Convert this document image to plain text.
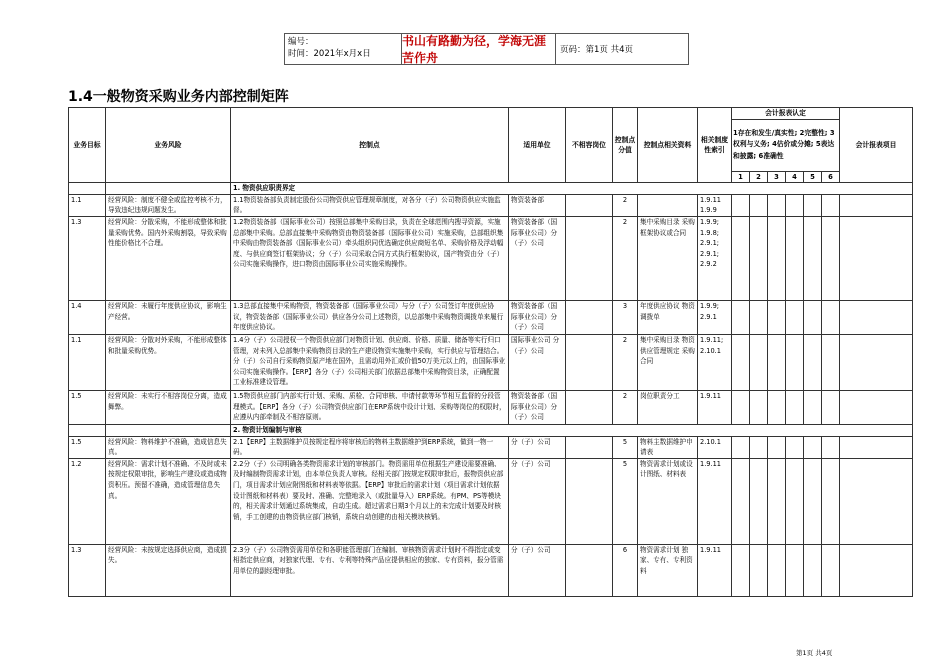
编号：
时间：2021年x月x日
书山有路勤为径，学海无涯苦作舟
页码：第1页 共4页
1.4一般物资采购业务内部控制矩阵
业务目标	业务风险	控制点	适用单位	不相容岗位	控制点分值	控制点相关资料	相关制度性索引	会计报表认定						会计报表项目
								1存在和发生/真实性; 2完整性; 3权利与义务; 4估价或分摊; 5表达和披露; 6准确性						
								1	2	3	4	5	6	
		1. 物资供应职责界定												
1.1	经营风险：制度不健全或监控考核不力，导致违纪违规问题发生。	1.1物资装备部负责制定股份公司物资供应管理规章制度，对各分（子）公司物资供应实施监督。	物资装备部		2		1.9.11 1.9.9							
1.3	经营风险：分散采购，不能形成整体和批量采购优势。国内外采购割裂，导致采购性能价格比不合理。	1.2物资装备部（国际事业公司）按照总部集中采购目录，负责在全球范围内搜寻资源，实施总部集中采购。总部直接集中采购物资由物资装备部（国际事业公司）实施采购，总部组织集中采购由物资装备部（国际事业公司）牵头组织同优选确定供应商短名单、采购价格及浮动幅度、与供应商签订框架协议；分（子）公司采取合同方式执行框架协议，国产物资由分（子）公司实施采购操作，进口物资由国际事业公司实施采购操作。	物资装备部（国际事业公司）分（子）公司		2	集中采购目录 采购框架协议或合同	1.9.9; 1.9.8; 2.9.1; 2.9.1; 2.9.2							
1.4	经营风险：未履行年度供应协议，影响生产经营。	1.3总部直接集中采购物资，物资装备部（国际事业公司）与分（子）公司签订年度供应协议，物资装备部（国际事业公司）供应各分公司上述物资，以总部集中采购物资调拨单来履行年度供应协议。	物资装备部（国际事业公司）分（子）公司		3	年度供应协议 物资调拨单	1.9.9; 2.9.1							
1.1	经营风险：分散对外采购，不能形成整体和批量采购优势。	1.4分（子）公司授权一个物资供应部门对物资计划、供应商、价格、质量、储备等实行归口管理，对未列入总部集中采购物资目录的生产建设物资实施集中采购，实行供应与管理结合。分（子）公司自行采购物资原产地在国外，且需动用外汇或价值50万美元以上的，由国际事业公司实施采购操作。【ERP】各分（子）公司相关部门依据总部集中采购物资目录，正确配置工业标准建设管理。	国际事业公司 分（子）公司		2	集中采购目录 物资供应管理规定 采购合同	1.9.11; 2.10.1							
1.5	经营风险：未实行不相容岗位分离，造成舞弊。	1.5物资供应部门内部实行计划、采购、质检、合同审核、申请付款等环节相互监督的分段管理模式。【ERP】各分（子）公司物资供应部门在ERP系统中设计计划、采购等岗位的权限时，应遵从内部牵制及不相容原则。	物资装备部（国际事业公司）分（子）公司		2	岗位职责分工	1.9.11							
		2. 物资计划编制与审核												
1.5	经营风险：物料维护不准确，造成信息失真。	2.1【ERP】主数据维护员按规定程序将审核后的物料主数据维护到ERP系统，做到一物一码。	分（子）公司		5	物料主数据维护申请表	2.10.1							
1.2	经营风险：需求计划不准确、不及时或未按规定权限审批，影响生产建设或造成物资积压。预留不准确，造成管理信息失真。	2.2分（子）公司明确各类物资需求计划的审核部门。物资需用单位根据生产建设需要准确、及时编制物资需求计划，由本单位负责人审核。经相关部门按规定权限审批后，报物资供应部门，项目需求计划应附图纸和材料表等依据。【ERP】审批后的需求计划（项目需求计划依据设计图纸和材料表）要及时、准确、完整地录入（或批量导入）ERP系统。有PM、PS等模块的，相关需求计划通过系统集成，自动生成。超过需求日期3个月以上的未完成计划要及时核销，手工创建的由物资供应部门核销，系统自动创建的由相关模块核销。	分（子）公司		5	物资需求计划或设计图纸、材料表	1.9.11							
1.3	经营风险：未按规定选择供应商，造成损失。	2.3分（子）公司物资需用单位和各职能管理部门在编制、审核物资需求计划时不得指定或变相指定供应商，对独家代理、专有、专利等特殊产品应提供相应的独家、专有资料，报分管需用单位的副经理审批。	分（子）公司		6	物资需求计划 独家、专有、专利资料	1.9.11							
第1页 共4页
